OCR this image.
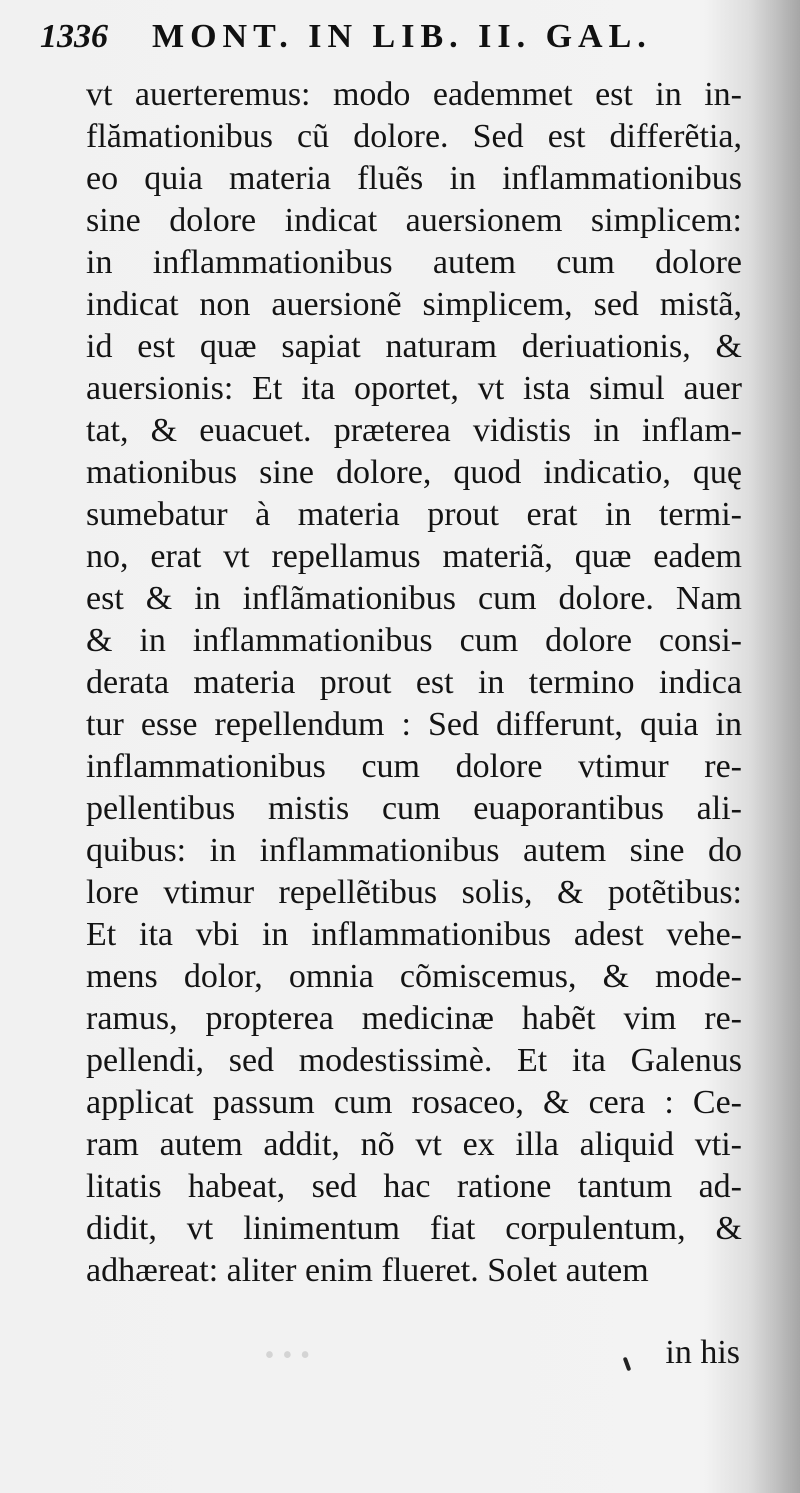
1336 MONT. IN LIB. II. GAL.
vt auerteremus: modo eademmet est in in-
flămationibus cũ dolore. Sed est differẽtia,
eo quia materia fluẽs in inflammationibus
sine dolore indicat auersionem simplicem:
in inflammationibus autem cum dolore
indicat non auersionẽ simplicem, sed mistã,
id est quæ sapiat naturam deriuationis, &
auersionis: Et ita oportet, vt ista simul auer
tat, & euacuet. prætereа vidistis in inflam-
mationibus sine dolore, quod indicatio, quę
sumebatur à materia prout erat in termi-
no, erat vt repellamus materiã, quæ eadem
est & in inflãmationibus cum dolore. Nam
& in inflammationibus cum dolore consi-
derata materia prout est in termino indica
tur esse repellendum : Sed differunt, quia in
inflammationibus cum dolore vtimur re-
pellentibus mistis cum euaporantibus ali-
quibus: in inflammationibus autem sine do
lore vtimur repellẽtibus solis, & potẽtibus:
Et ita vbi in inflammationibus adest vehe-
mens dolor, omnia cõmiscemus, & mode-
ramus, propterea medicinæ habẽt vim re-
pellendi, sed modestissimè. Et ita Galenus
applicat passum cum rosaceo, & cera : Ce-
ram autem addit, nõ vt ex illa aliquid vti-
litatis habeat, sed hac ratione tantum ad-
didit, vt linimentum fiat corpulentum, &
adhæreat: aliter enim flueret. Solet autem
•••	in his
